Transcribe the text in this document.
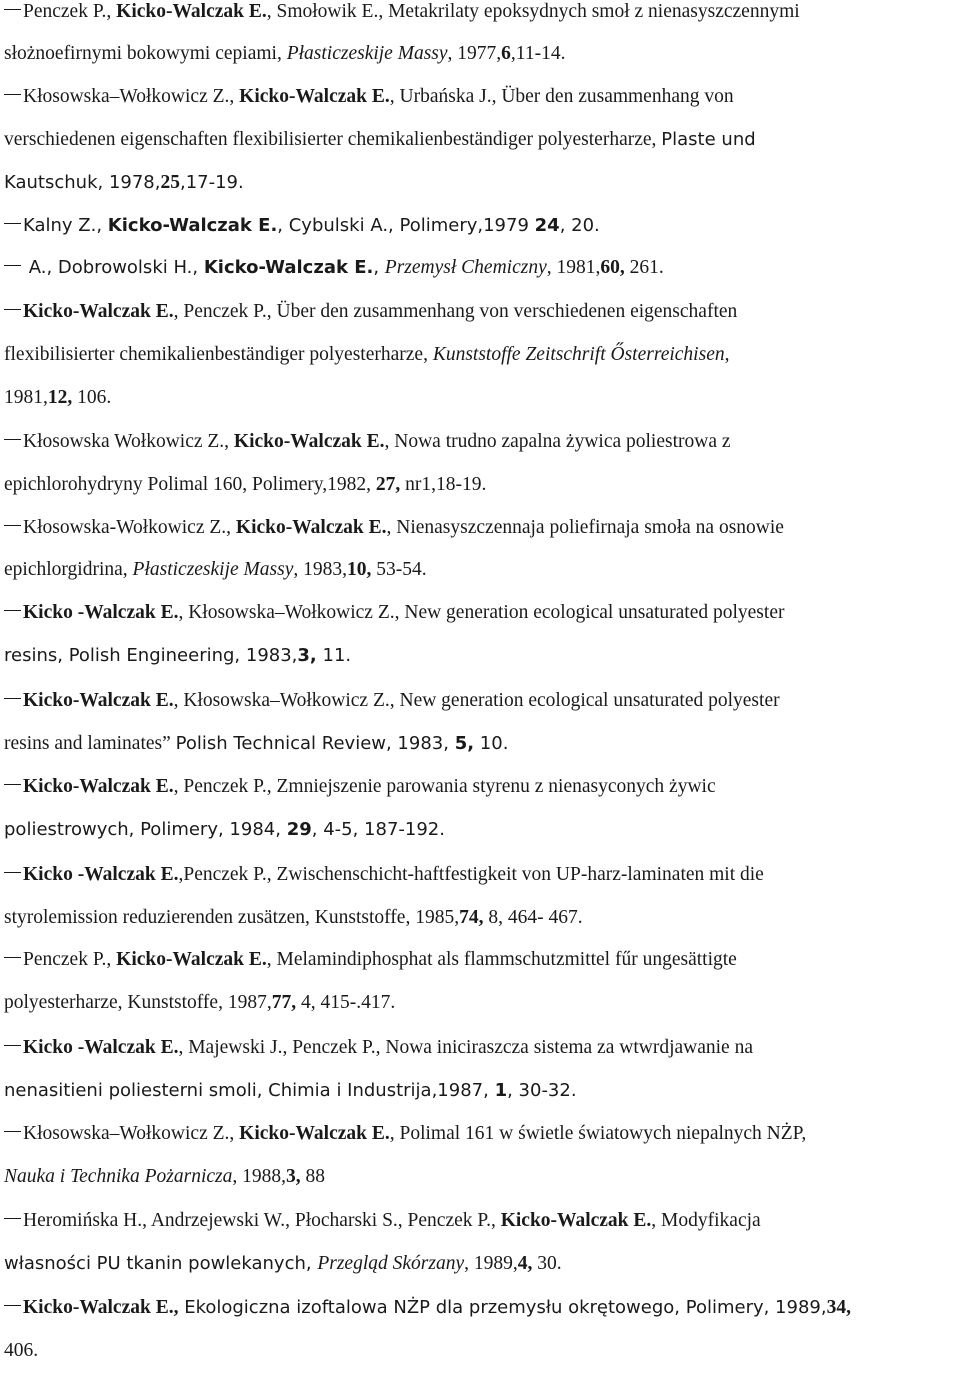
Penczek P., Kicko-Walczak E., Smołowik E., Metakrilaty epoksydnych smoł z nienasyszczennymi
słożnoefirnymi bokowymi cepiami, Płasticzeskije Massy, 1977,6,11-14.
Kłosowska–Wołkowicz Z., Kicko-Walczak E., Urbańska J., Über den zusammenhang von
verschiedenen eigenschaften flexibilisierter chemikalienbeständiger polyesterharze, Plaste und
Kautschuk, 1978,25,17-19.
Kalny Z., Kicko-Walczak E., Cybulski A., Polimery,1979 24, 20.
A., Dobrowolski H., Kicko-Walczak E., Przemysł Chemiczny, 1981,60, 261.
Kicko-Walczak E., Penczek P., Über den zusammenhang von verschiedenen eigenschaften
flexibilisierter chemikalienbeständiger polyesterharze, Kunststoffe Zeitschrift Ősterreichisen,
1981,12, 106.
Kłosowska Wołkowicz Z., Kicko-Walczak E., Nowa trudno zapalna żywica poliestrowa z
epichlorohydryny Polimal 160, Polimery,1982, 27, nr1,18-19.
Kłosowska-Wołkowicz Z., Kicko-Walczak E., Nienasyszczennaja poliefirnaja smoła na osnowie
epichlorgidrina, Płasticzeskije Massy, 1983,10, 53-54.
Kicko -Walczak E., Kłosowska–Wołkowicz Z., New generation ecological unsaturated polyester
resins, Polish Engineering, 1983,3, 11.
Kicko-Walczak E., Kłosowska–Wołkowicz Z., New generation ecological unsaturated polyester
resins and laminates” Polish Technical Review, 1983, 5, 10.
Kicko-Walczak E., Penczek P., Zmniejszenie parowania styrenu z nienasyconych żywic
poliestrowych, Polimery, 1984, 29, 4-5, 187-192.
Kicko -Walczak E.,Penczek P., Zwischenschicht-haftfestigkeit von UP-harz-laminaten mit die
styrolemission reduzierenden zusätzen, Kunststoffe, 1985,74, 8, 464- 467.
Penczek P., Kicko-Walczak E., Melamindiphosphat als flammschutzmittel fűr ungesättigte
polyesterharze, Kunststoffe, 1987,77, 4, 415-.417.
Kicko -Walczak E., Majewski J., Penczek P., Nowa iniciraszcza sistema za wtwrdjawanie na
nenasitieni poliesterni smoli, Chimia i Industrija,1987, 1, 30-32.
Kłosowska–Wołkowicz Z., Kicko-Walczak E., Polimal 161 w świetle światowych niepalnych NŻP,
Nauka i Technika Pożarnicza, 1988,3, 88
Heromińska H., Andrzejewski W., Płocharski S., Penczek P., Kicko-Walczak E., Modyfikacja
własności PU tkanin powlekanych, Przegląd Skórzany, 1989,4, 30.
Kicko-Walczak E., Ekologiczna izoftalowa NŻP dla przemysłu okrętowego, Polimery, 1989,34,
406.
